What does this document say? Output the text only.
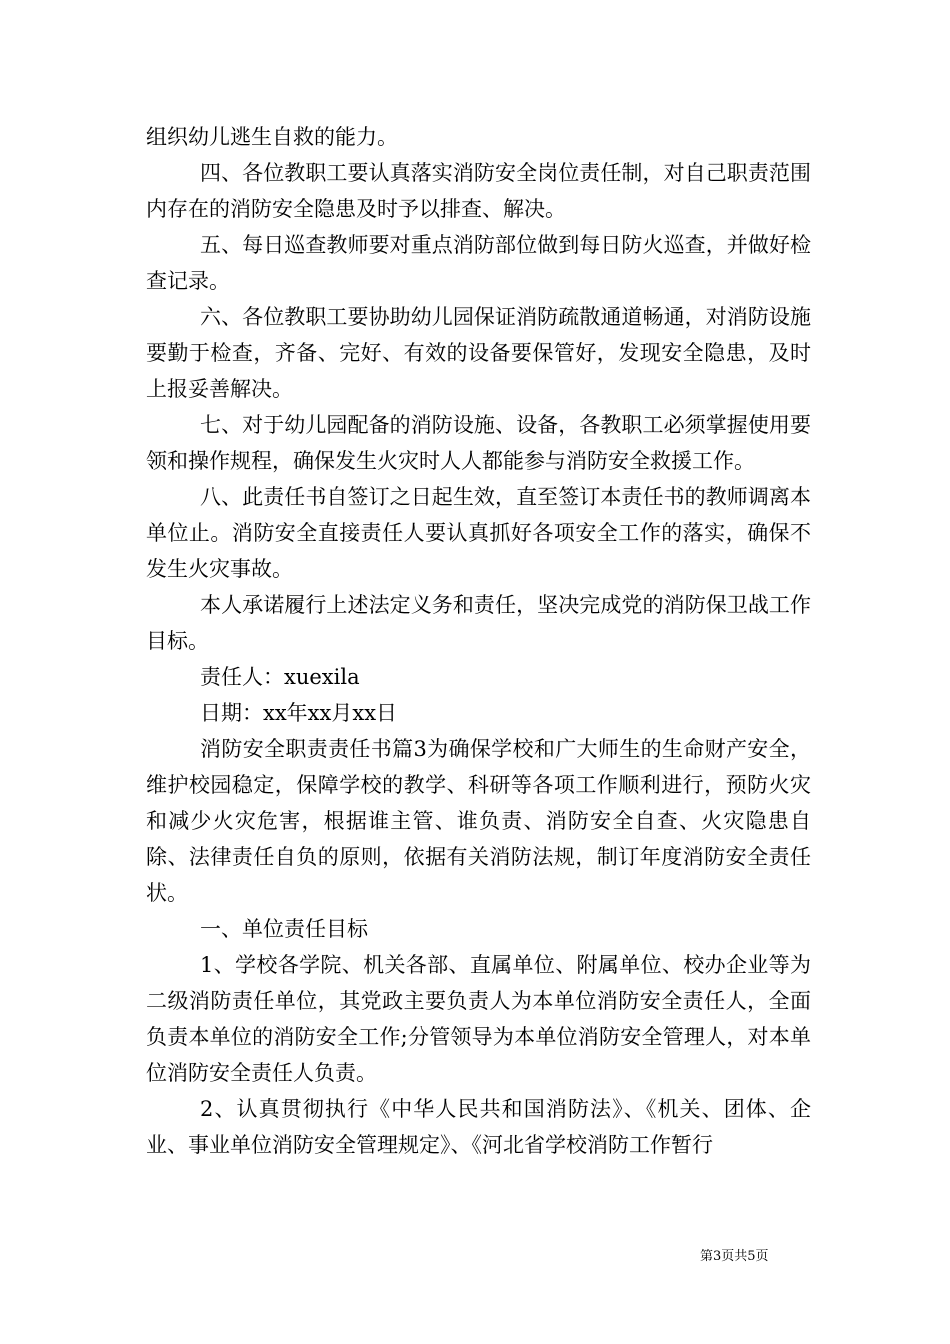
组织幼儿逃生自救的能力。

四、各位教职工要认真落实消防安全岗位责任制，对自己职责范围内存在的消防安全隐患及时予以排查、解决。

五、每日巡查教师要对重点消防部位做到每日防火巡查，并做好检查记录。

六、各位教职工要协助幼儿园保证消防疏散通道畅通，对消防设施要勤于检查，齐备、完好、有效的设备要保管好，发现安全隐患，及时上报妥善解决。

七、对于幼儿园配备的消防设施、设备，各教职工必须掌握使用要领和操作规程，确保发生火灾时人人都能参与消防安全救援工作。

八、此责任书自签订之日起生效，直至签订本责任书的教师调离本单位止。消防安全直接责任人要认真抓好各项安全工作的落实，确保不发生火灾事故。

本人承诺履行上述法定义务和责任，坚决完成党的消防保卫战工作目标。

责任人：xuexila

日期：xx年xx月xx日

消防安全职责责任书篇3为确保学校和广大师生的生命财产安全，维护校园稳定，保障学校的教学、科研等各项工作顺利进行，预防火灾和减少火灾危害，根据谁主管、谁负责、消防安全自查、火灾隐患自除、法律责任自负的原则，依据有关消防法规，制订年度消防安全责任状。

一、单位责任目标

1、学校各学院、机关各部、直属单位、附属单位、校办企业等为二级消防责任单位，其党政主要负责人为本单位消防安全责任人，全面负责本单位的消防安全工作;分管领导为本单位消防安全管理人，对本单位消防安全责任人负责。

2、认真贯彻执行《中华人民共和国消防法》、《机关、团体、企业、事业单位消防安全管理规定》、《河北省学校消防工作暂行

第3页共5页
